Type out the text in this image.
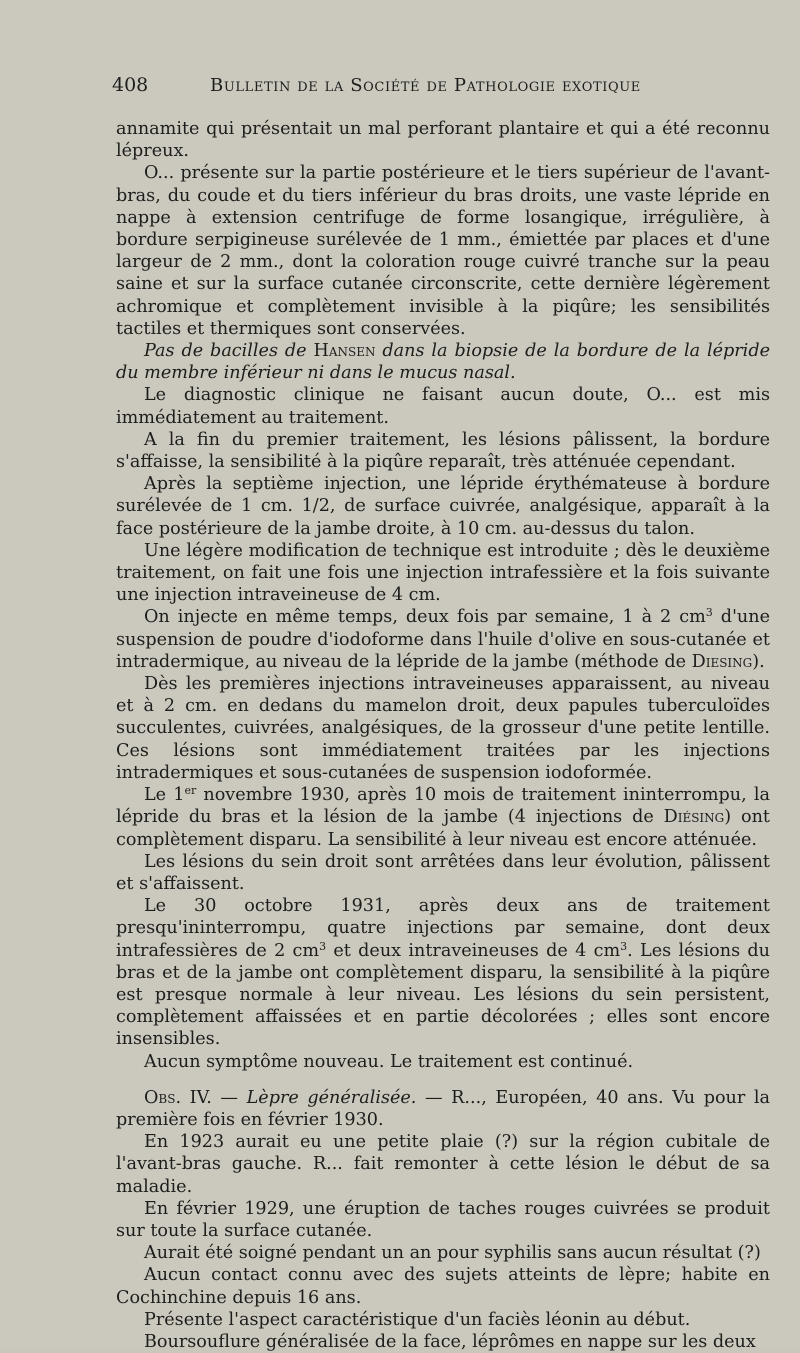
408	Bulletin de la Société de Pathologie exotique

annamite qui présentait un mal perforant plantaire et qui a été reconnu lépreux.

O... présente sur la partie postérieure et le tiers supérieur de l'avant-bras, du coude et du tiers inférieur du bras droits, une vaste lépride en nappe à extension centrifuge de forme losangique, irrégulière, à bordure serpigineuse surélevée de 1 mm., émiettée par places et d'une largeur de 2 mm., dont la coloration rouge cuivré tranche sur la peau saine et sur la surface cutanée circonscrite, cette dernière légèrement achromique et complètement invisible à la piqûre; les sensibilités tactiles et thermiques sont conservées.

Pas de bacilles de Hansen dans la biopsie de la bordure de la lépride du membre inférieur ni dans le mucus nasal.

Le diagnostic clinique ne faisant aucun doute, O... est mis immédiatement au traitement.

A la fin du premier traitement, les lésions pâlissent, la bordure s'affaisse, la sensibilité à la piqûre reparaît, très atténuée cependant.

Après la septième injection, une lépride érythémateuse à bordure surélevée de 1 cm. 1/2, de surface cuivrée, analgésique, apparaît à la face postérieure de la jambe droite, à 10 cm. au-dessus du talon.

Une légère modification de technique est introduite ; dès le deuxième traitement, on fait une fois une injection intrafessière et la fois suivante une injection intraveineuse de 4 cm.

On injecte en même temps, deux fois par semaine, 1 à 2 $cm^3$ d'une suspension de poudre d'iodoforme dans l'huile d'olive en sous-cutanée et intradermique, au niveau de la lépride de la jambe (méthode de Diesing).

Dès les premières injections intraveineuses apparaissent, au niveau et à 2 cm. en dedans du mamelon droit, deux papules tuberculoïdes succulentes, cuivrées, analgésiques, de la grosseur d'une petite lentille. Ces lésions sont immédiatement traitées par les injections intradermiques et sous-cutanées de suspension iodoformée.

Le 1er novembre 1930, après 10 mois de traitement ininterrompu, la lépride du bras et la lésion de la jambe (4 injections de Diésing) ont complètement disparu. La sensibilité à leur niveau est encore atténuée.

Les lésions du sein droit sont arrêtées dans leur évolution, pâlissent et s'affaissent.

Le 30 octobre 1931, après deux ans de traitement presqu'ininterrompu, quatre injections par semaine, dont deux intrafessières de 2 $cm^3$ et deux intraveineuses de 4 $cm^3$. Les lésions du bras et de la jambe ont complètement disparu, la sensibilité à la piqûre est presque normale à leur niveau. Les lésions du sein persistent, complètement affaissées et en partie décolorées ; elles sont encore insensibles.

Aucun symptôme nouveau. Le traitement est continué.

Obs. IV. — Lèpre généralisée. — R..., Européen, 40 ans. Vu pour la première fois en février 1930.

En 1923 aurait eu une petite plaie (?) sur la région cubitale de l'avant-bras gauche. R... fait remonter à cette lésion le début de sa maladie.

En février 1929, une éruption de taches rouges cuivrées se produit sur toute la surface cutanée.

Aurait été soigné pendant un an pour syphilis sans aucun résultat (?)

Aucun contact connu avec des sujets atteints de lèpre; habite en Cochinchine depuis 16 ans.

Présente l'aspect caractéristique d'un faciès léonin au début.

Boursouflure généralisée de la face, léprômes en nappe sur les deux
